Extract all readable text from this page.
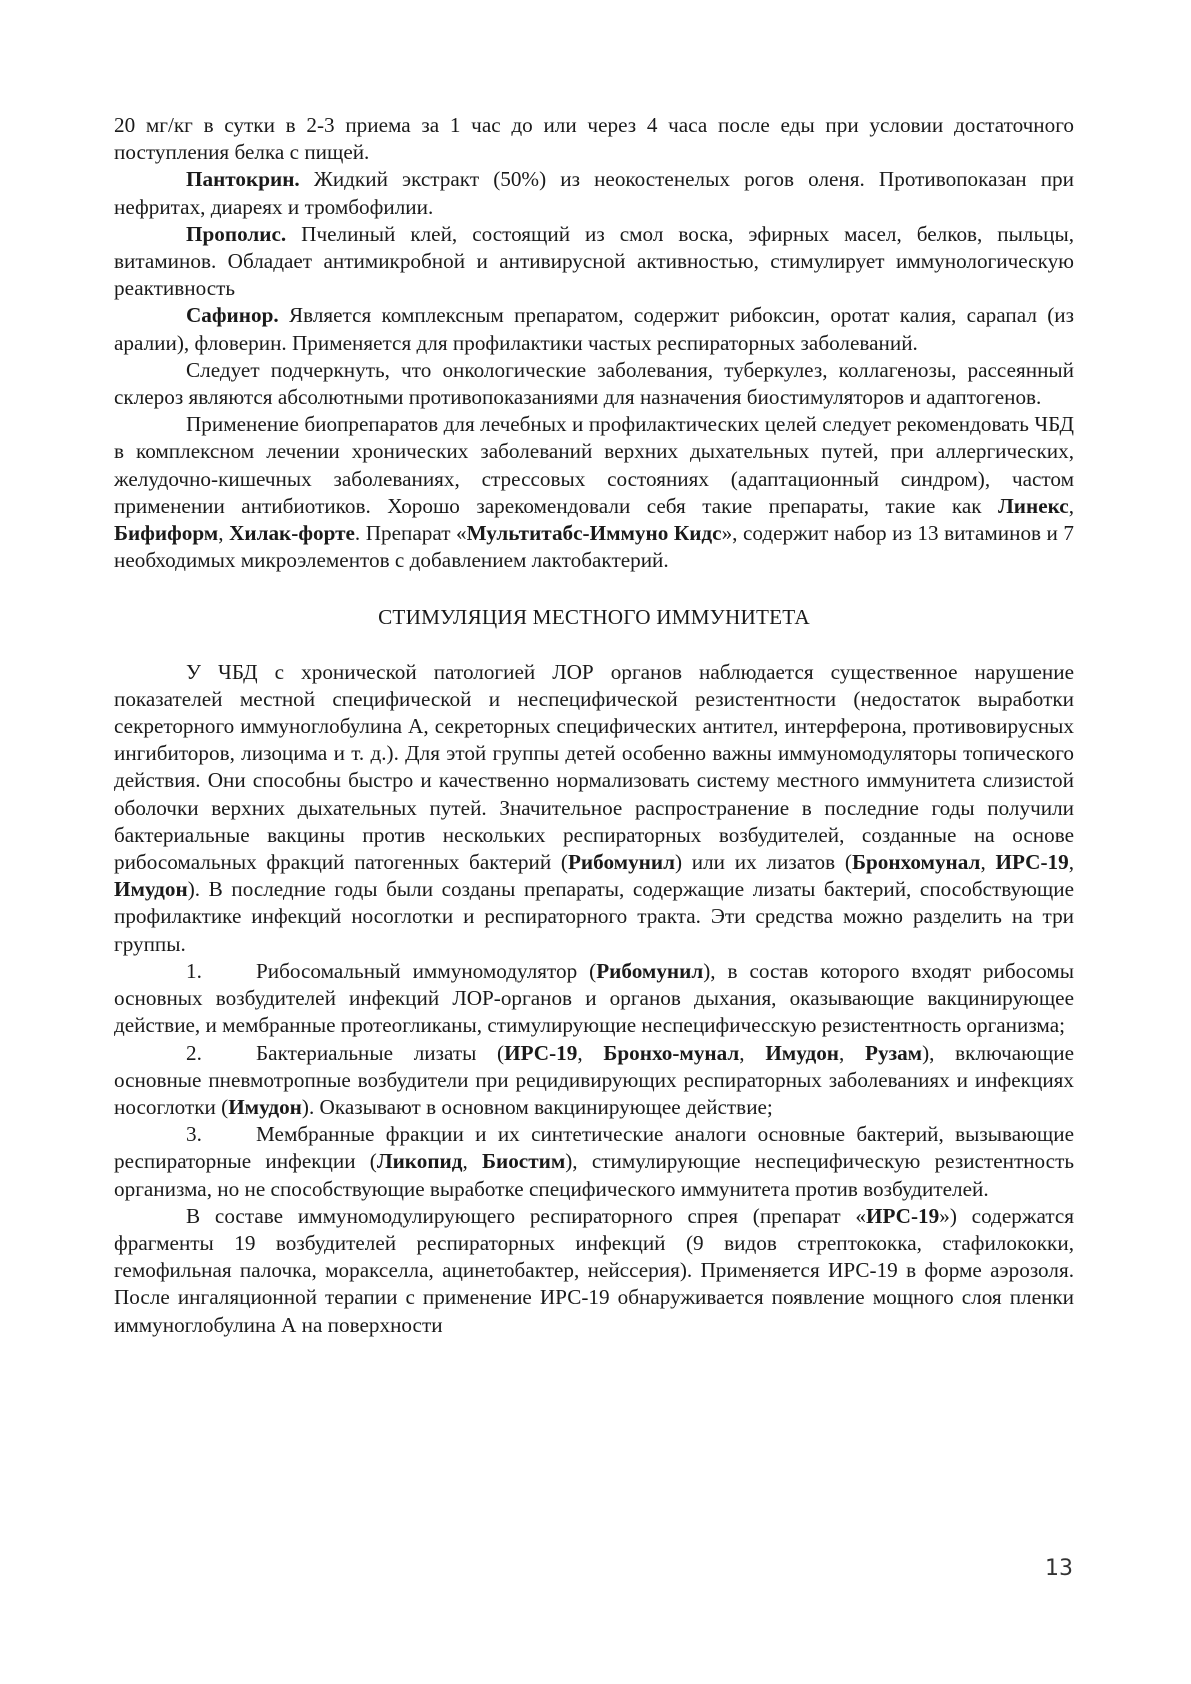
20 мг/кг в сутки в 2-3 приема за 1 час до или через 4 часа после еды при условии достаточного поступления белка с пищей.

Пантокрин. Жидкий экстракт (50%) из неокостенелых рогов оленя. Противопоказан при нефритах, диареях и тромбофилии.

Прополис. Пчелиный клей, состоящий из смол воска, эфирных масел, белков, пыльцы, витаминов. Обладает антимикробной и антивирусной активностью, стимулирует иммунологическую реактивность

Сафинор. Является комплексным препаратом, содержит рибоксин, оротат калия, сарапал (из аралии), фловерин. Применяется для профилактики частых респираторных заболеваний.

Следует подчеркнуть, что онкологические заболевания, туберкулез, коллагенозы, рассеянный склероз являются абсолютными противопоказаниями для назначения биостимуляторов и адаптогенов.

Применение биопрепаратов для лечебных и профилактических целей следует рекомендовать ЧБД в комплексном лечении хронических заболеваний верхних дыхательных путей, при аллергических, желудочно-кишечных заболеваниях, стрессовых состояниях (адаптационный синдром), частом применении антибиотиков. Хорошо зарекомендовали себя такие препараты, такие как Линекс, Бифиформ, Хилак-форте. Препарат «Мультитабс-Иммуно Кидс», содержит набор из 13 витаминов и 7 необходимых микроэлементов с добавлением лактобактерий.

СТИМУЛЯЦИЯ МЕСТНОГО ИММУНИТЕТА

У ЧБД с хронической патологией ЛОР органов наблюдается существенное нарушение показателей местной специфической и неспецифической резистентности (недостаток выработки секреторного иммуноглобулина А, секреторных специфических антител, интерферона, противовирусных ингибиторов, лизоцима и т. д.). Для этой группы детей особенно важны иммуномодуляторы топического действия. Они способны быстро и качественно нормализовать систему местного иммунитета слизистой оболочки верхних дыхательных путей. Значительное распространение в последние годы получили бактериальные вакцины против нескольких респираторных возбудителей, созданные на основе рибосомальных фракций патогенных бактерий (Рибомунил) или их лизатов (Бронхомунал, ИРС-19, Имудон). В последние годы были созданы препараты, содержащие лизаты бактерий, способствующие профилактике инфекций носоглотки и респираторного тракта. Эти средства можно разделить на три группы.

1.	Рибосомальный иммуномодулятор (Рибомунил), в состав которого входят рибосомы основных возбудителей инфекций ЛОР-органов и органов дыхания, оказывающие вакцинирующее действие, и мембранные протеогликаны, стимулирующие неспецифичесскую резистентность организма;

2.	Бактериальные лизаты (ИРС-19, Бронхо-мунал, Имудон, Рузам), включающие основные пневмотропные возбудители при рецидивирующих респираторных заболеваниях и инфекциях носоглотки (Имудон). Оказывают в основном вакцинирующее действие;

3.	Мембранные фракции и их синтетические аналоги основные бактерий, вызывающие респираторные инфекции (Ликопид, Биостим), стимулирующие неспецифическую резистентность организма, но не способствующие выработке специфического иммунитета против возбудителей.

В составе иммуномодулирующего респираторного спрея (препарат «ИРС-19») содержатся фрагменты 19 возбудителей респираторных инфекций (9 видов стрептококка, стафилококки, гемофильная палочка, моракселла, ацинетобактер, нейссерия). Применяется ИРС-19 в форме аэрозоля. После ингаляционной терапии с применение ИРС-19 обнаруживается появление мощного слоя пленки иммуноглобулина А на поверхности

13
